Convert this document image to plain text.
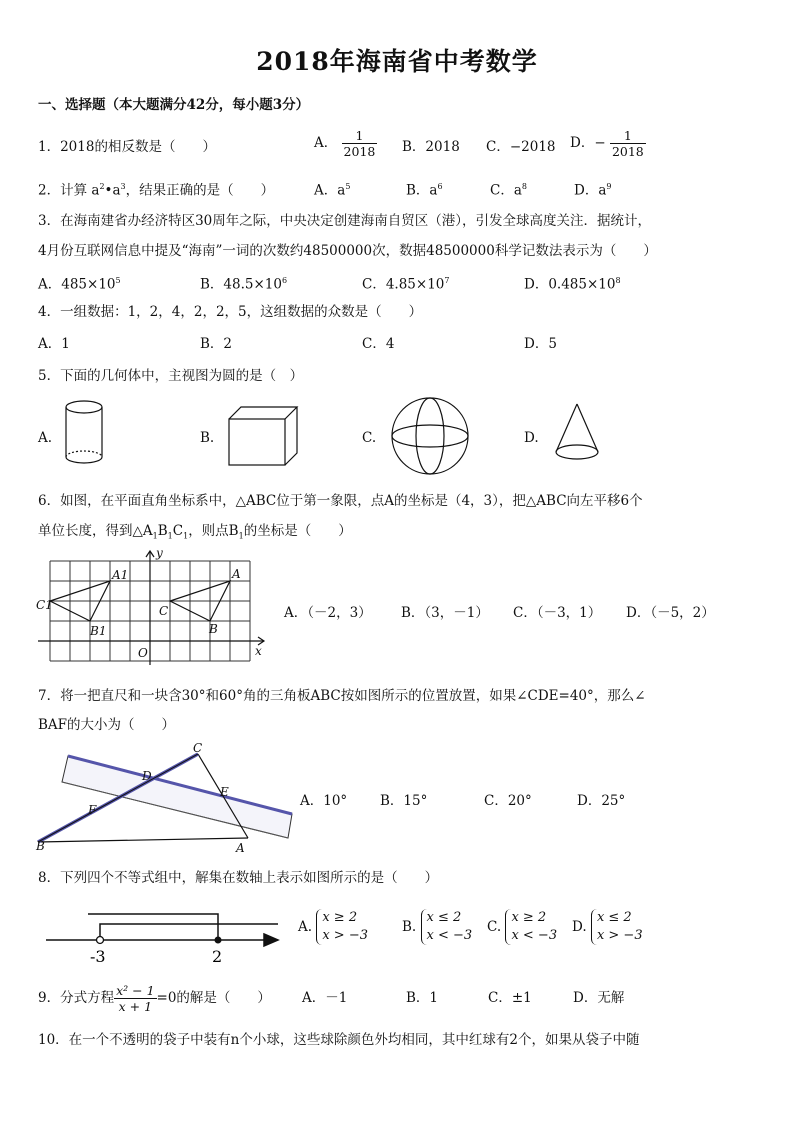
2018年海南省中考数学
一、选择题（本大题满分42分，每小题3分）
1．2018的相反数是（　　）	A． $\frac{1}{2018}$ B．2018 C．−2018 D．− $\frac{1}{2018}$
2．计算 $a^2•a^3$，结果正确的是（　　）	A．$a^5$	B．$a^6$	C．$a^8$	D．$a^9$
3．在海南建省办经济特区30周年之际，中央决定创建海南自贸区（港），引发全球高度关注．据统计，
4月份互联网信息中提及“海南”一词的次数约48500000次，数据48500000科学记数法表示为（　　）
A．$485\times 10^5$	B．$48.5\times 10^6$	C．$4.85\times 10^7$	D．$0.485\times 10^8$
4．一组数据：1，2，4，2，2，5，这组数据的众数是（　　）
A．1	B．2	C．4	D．5
5．下面的几何体中，主视图为圆的是（　）
A.	B.	C.	D.
6．如图，在平面直角坐标系中，△ABC位于第一象限，点A的坐标是（4，3），把△ABC向左平移6个
单位长度，得到$\triangle A_1B_1C_1$，则点$B_1$的坐标是（　　）
y
x
O
A1
B1
C1
A
B
C	A．（－2，3） B．（3，－1） C．（－3，1） D．（－5，2）
7．将一把直尺和一块含30°和60°角的三角板ABC按如图所示的位置放置，如果∠CDE=40°，那么∠
BAF的大小为（　　）
C
D
E
F
B	A
A．10° B．15°	C．20°	D．25°
8．下列四个不等式组中，解集在数轴上表示如图所示的是（　　）
-3	2
A.
x ≥ 2
x > −3
B.
x ≤ 2
x < −3
C.
x ≥ 2
x < −3
D.
x ≤ 2
x > −3
9．分式方程 $\frac{\text{x² − 1}}{x + 1} =0$的解是（　　） A．－1	B．1	C．±1	D．无解
10．在一个不透明的袋子中装有n个小球，这些球除颜色外均相同，其中红球有2个，如果从袋子中随
